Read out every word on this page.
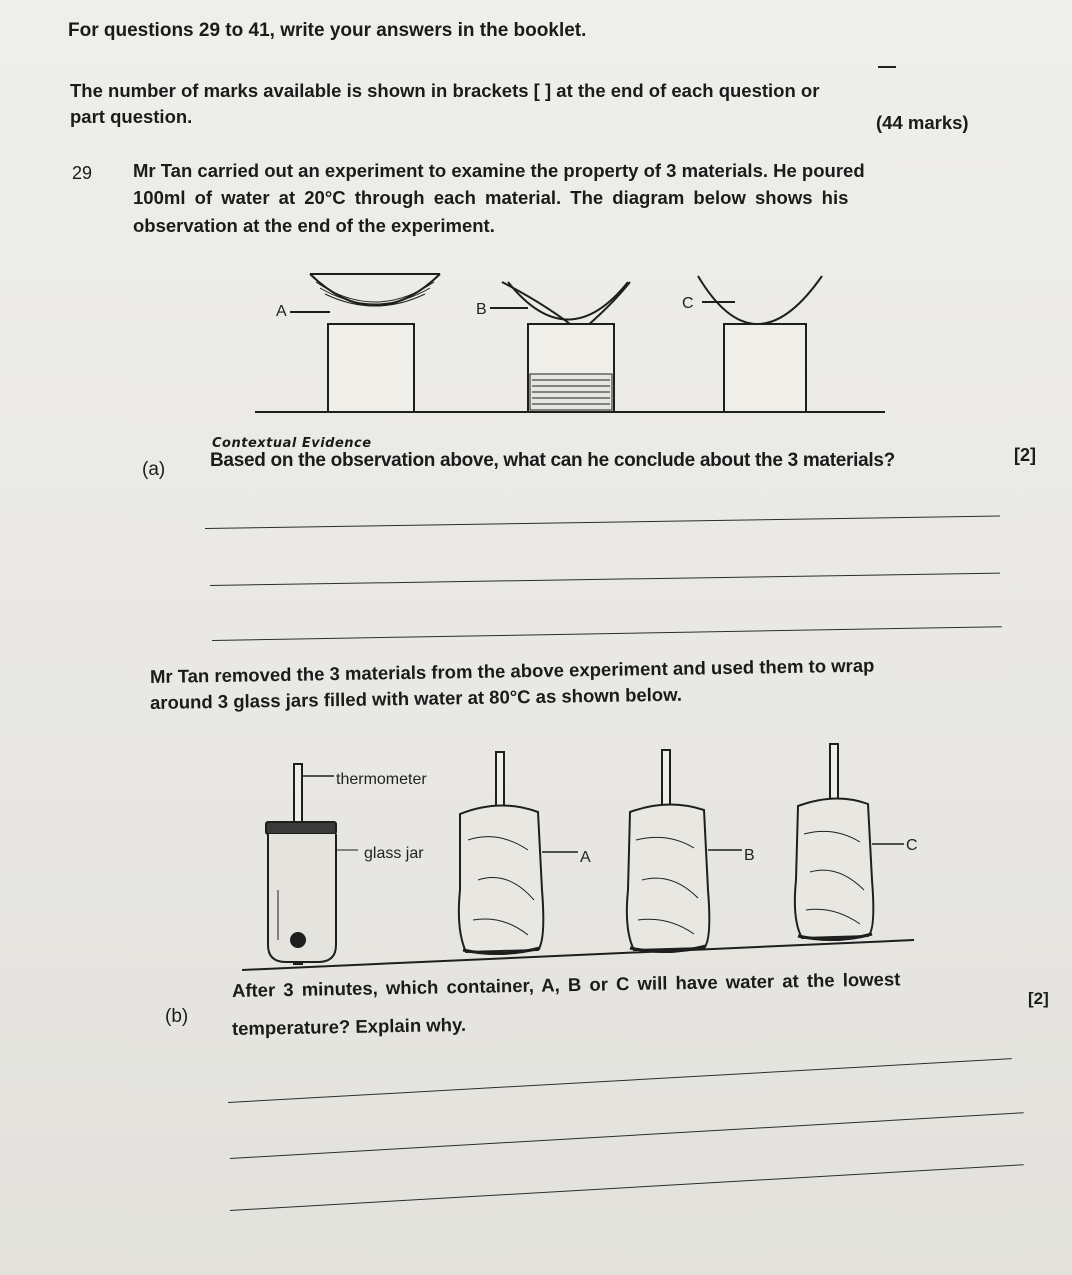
For questions 29 to 41, write your answers in the booklet.
The number of marks available is shown in brackets [ ] at the end of each question or
part question.	(44 marks)
29 Mr Tan carried out an experiment to examine the property of 3 materials. He poured
100ml of water at 20°C through each material. The diagram below shows his
observation at the end of the experiment.
A	B	C
Contextual Evidence
(a) Based on the observation above, what can he conclude about the 3 materials?	[2]
Mr Tan removed the 3 materials from the above experiment and used them to wrap
around 3 glass jars filled with water at 80°C as shown below.
thermometer
glass jar	A	B
C
(b)
After 3 minutes, which container, A, B or C will have water at the lowest
temperature? Explain why.
[2]
